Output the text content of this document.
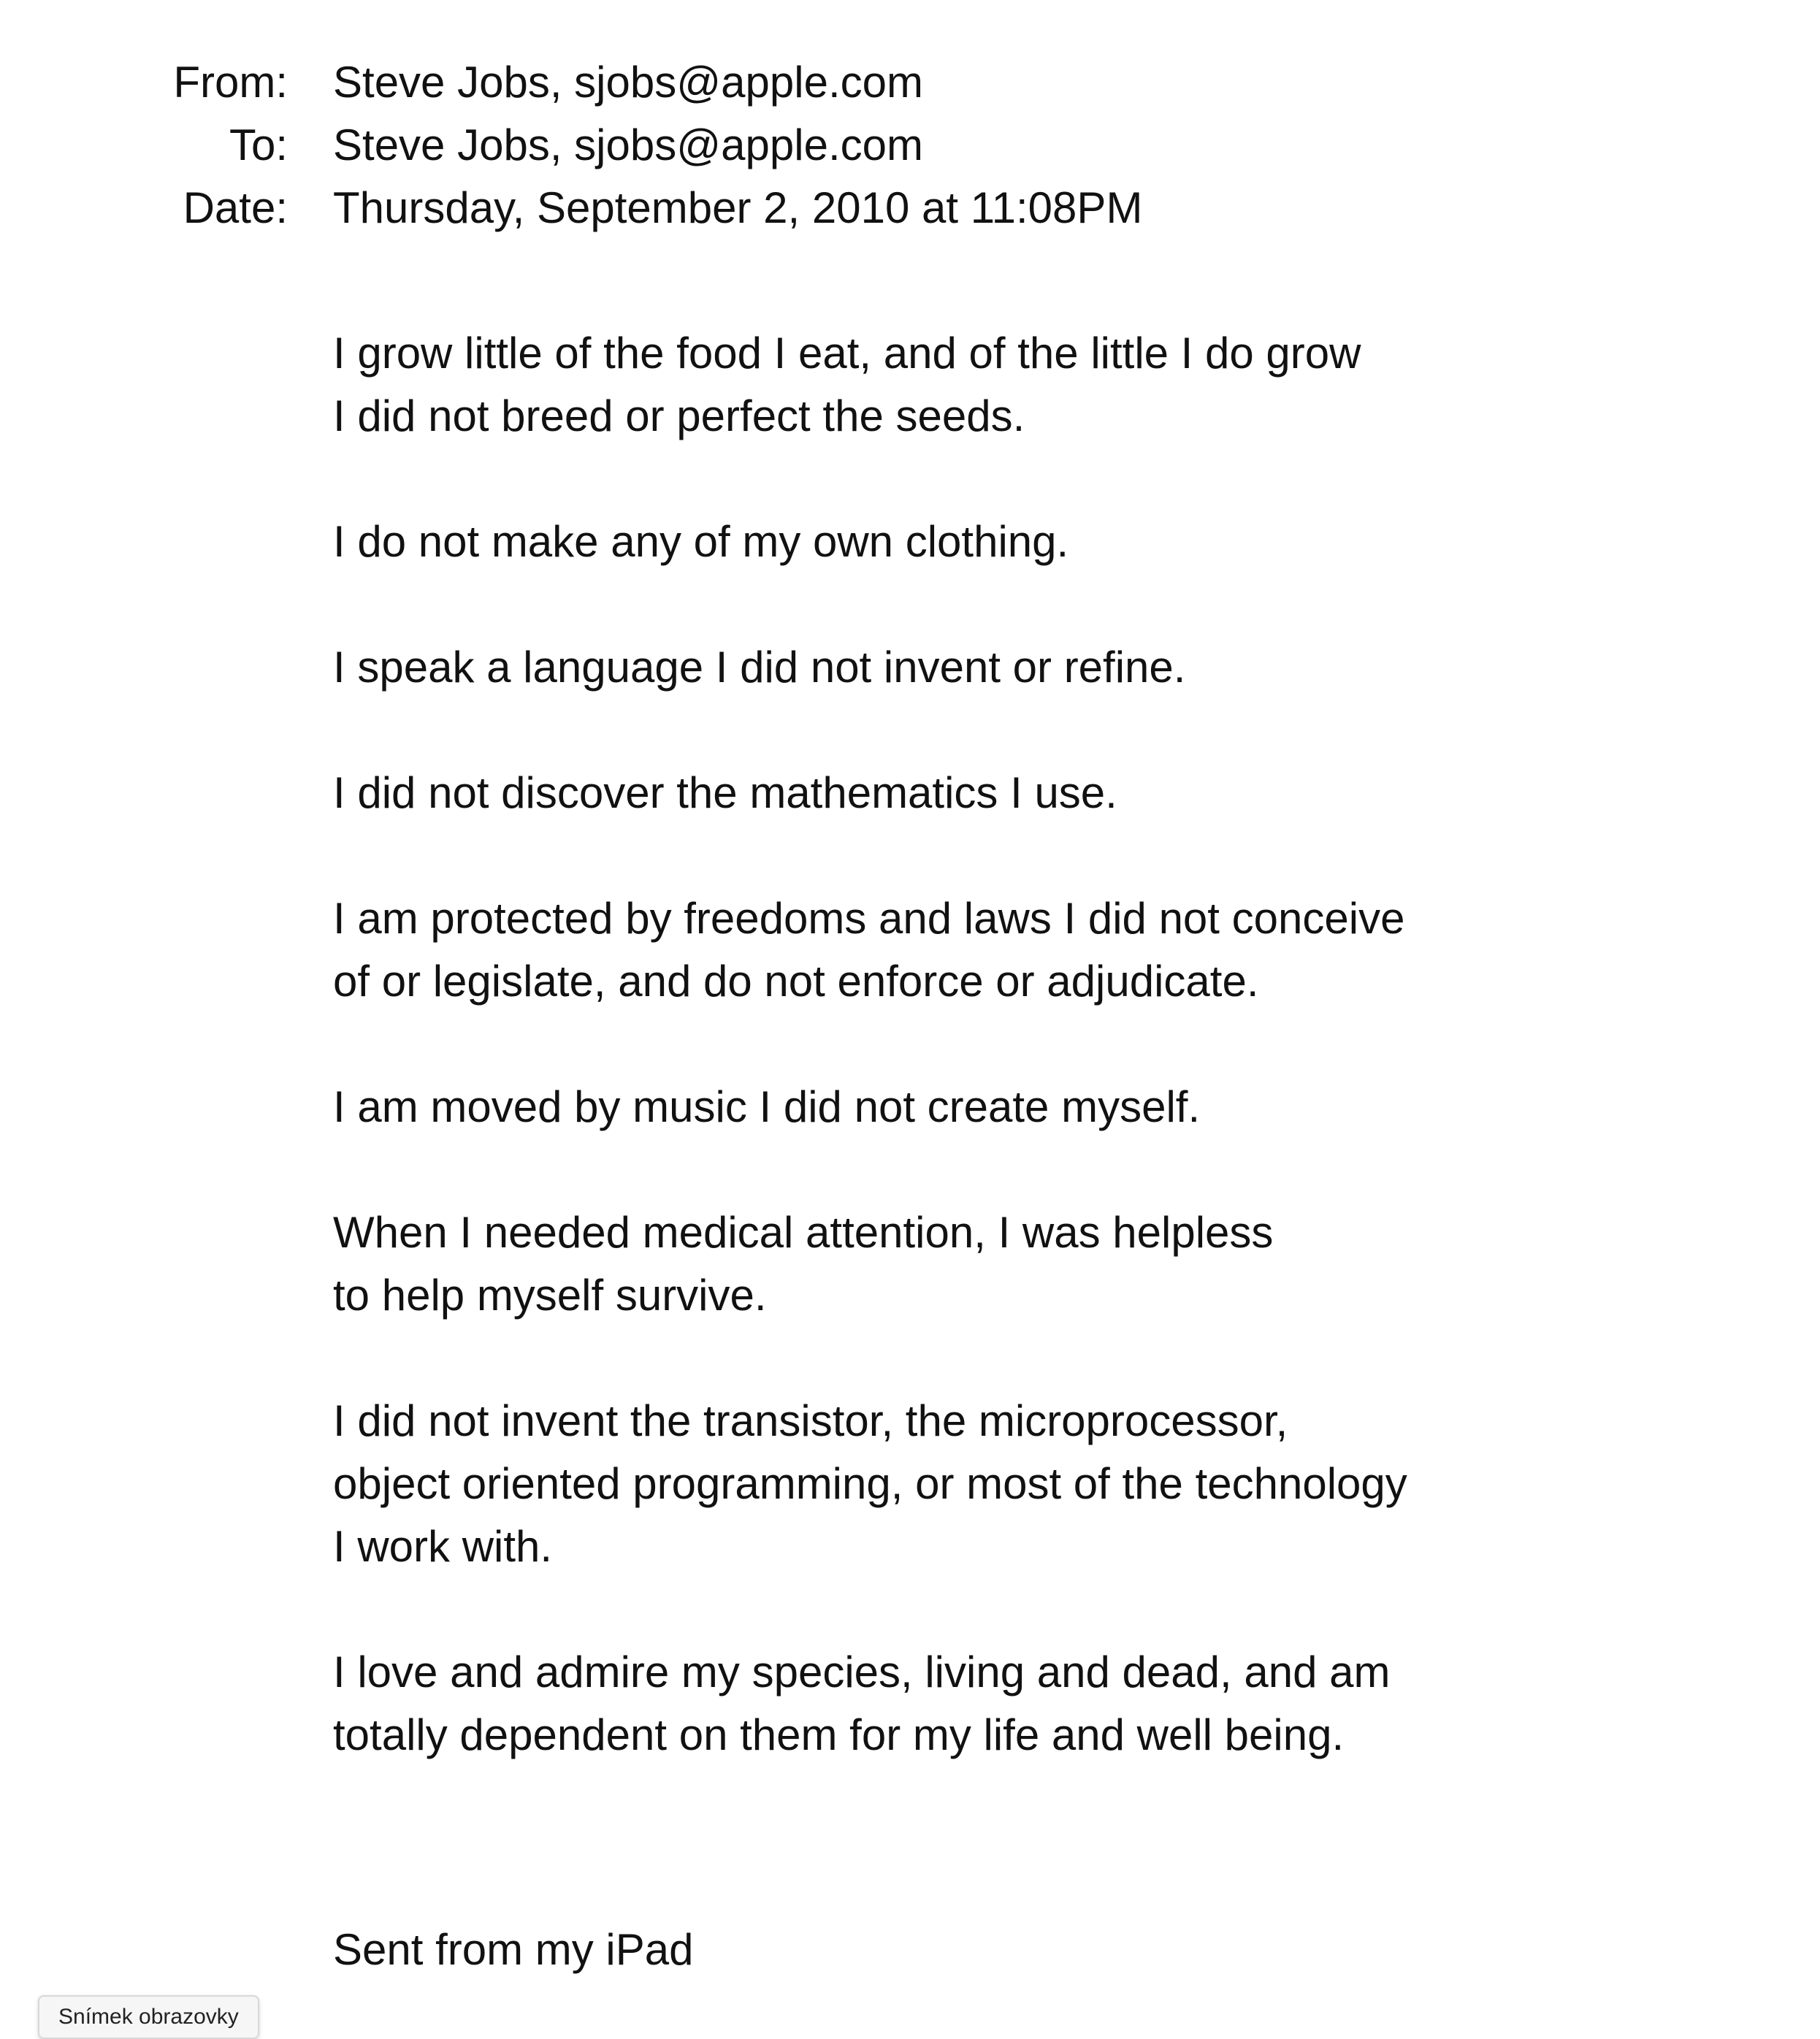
From: Steve Jobs, sjobs@apple.com
To: Steve Jobs, sjobs@apple.com
Date: Thursday, September 2, 2010 at 11:08PM

I grow little of the food I eat, and of the little I do grow
I did not breed or perfect the seeds.

I do not make any of my own clothing.

I speak a language I did not invent or refine.

I did not discover the mathematics I use.

I am protected by freedoms and laws I did not conceive
of or legislate, and do not enforce or adjudicate.

I am moved by music I did not create myself.

When I needed medical attention, I was helpless
to help myself survive.

I did not invent the transistor, the microprocessor,
object oriented programming, or most of the technology
I work with.

I love and admire my species, living and dead, and am
totally dependent on them for my life and well being.

Sent from my iPad
Snímek obrazovky
